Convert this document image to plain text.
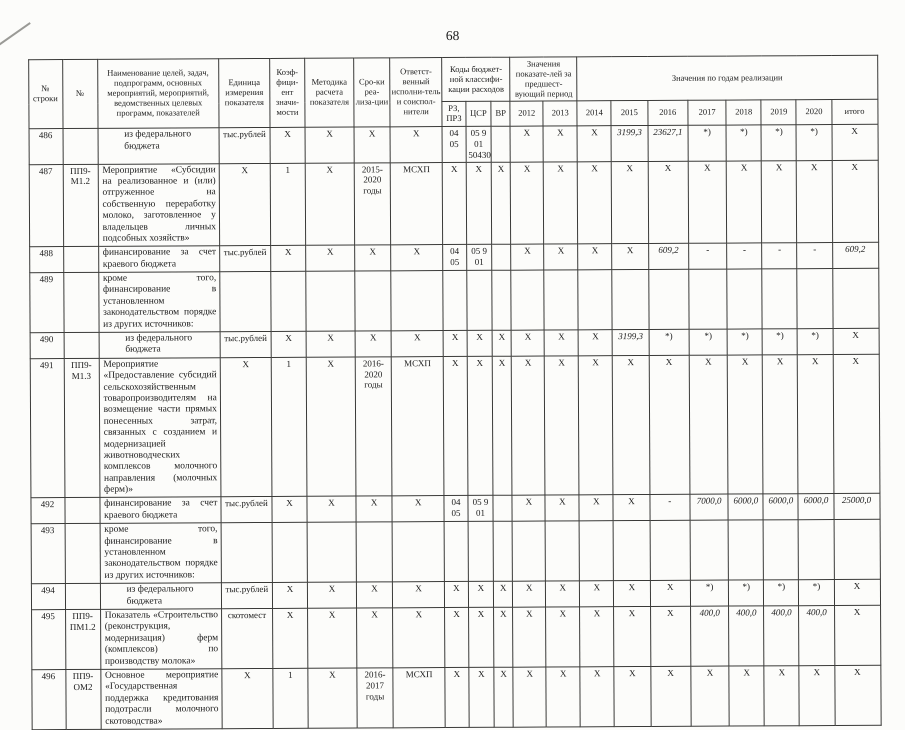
68
№ строки	№	Наименование целей, задач, подпрограмм, основных мероприятий, мероприятий, ведомственных целевых программ, показателей	Единица измерения показателя	Коэф-фици-ент значи-мости	Методика расчета показателя	Сро-ки реа-лиза-ции	Ответст-венный исполни-тель и соиспол-нители	Коды бюджет-ной классифи-кации расходов			Значения показате-лей за предшест-вующий период		Значения по годам реализации							
								РЗ, ПРЗ	ЦСР	ВР	2012	2013	2014	2015	2016	2017	2018	2019	2020	итого
486		из федерального бюджета	тыс.рублей	X	X	X	X	04 05	05 9 01 50430		X	X	X	3199,3	23627,1	*)	*)	*)	*)	X
487	ПП9-М1.2	Мероприятие «Субсидии на реализованное и (или) отгруженное на собственную переработку молоко, заготовленное у владельцев личных подсобных хозяйств»	X	1	X	2015-2020 годы	МСХП	X	X	X	X	X	X	X	X	X	X	X	X	X
488		финансирование за счет краевого бюджета	тыс.рублей	X	X	X	X	04 05	05 9 01		X	X	X	X	609,2	-	-	-	-	609,2
489		кроме того, финансирование в установленном законодательством порядке из других источников:																		
490		из федерального бюджета	тыс.рублей	X	X	X	X	X	X	X	X	X	X	3199,3	*)	*)	*)	*)	*)	X
491	ПП9-М1.3	Мероприятие «Предоставление субсидий сельскохозяйственным товаропроизводителям на возмещение части прямых понесенных затрат, связанных с созданием и модернизацией животноводческих комплексов молочного направления (молочных ферм)»	X	1	X	2016-2020 годы	МСХП	X	X	X	X	X	X	X	X	X	X	X	X	X
492		финансирование за счет краевого бюджета	тыс.рублей	X	X	X	X	04 05	05 9 01		X	X	X	X	-	7000,0	6000,0	6000,0	6000,0	25000,0
493		кроме того, финансирование в установленном законодательством порядке из других источников:																		
494		из федерального бюджета	тыс.рублей	X	X	X	X	X	X	X	X	X	X	X	X	*)	*)	*)	*)	X
495	ПП9-ПМ1.2	Показатель «Строительство (реконструкция, модернизация) ферм (комплексов) по производству молока»	скотомест	X	X	X	X	X	X	X	X	X	X	X	X	400,0	400,0	400,0	400,0	X
496	ПП9-ОМ2	Основное мероприятие «Государственная поддержка кредитования подотрасли молочного скотоводства»	X	1	X	2016-2017 годы	МСХП	X	X	X	X	X	X	X	X	X	X	X	X	X
